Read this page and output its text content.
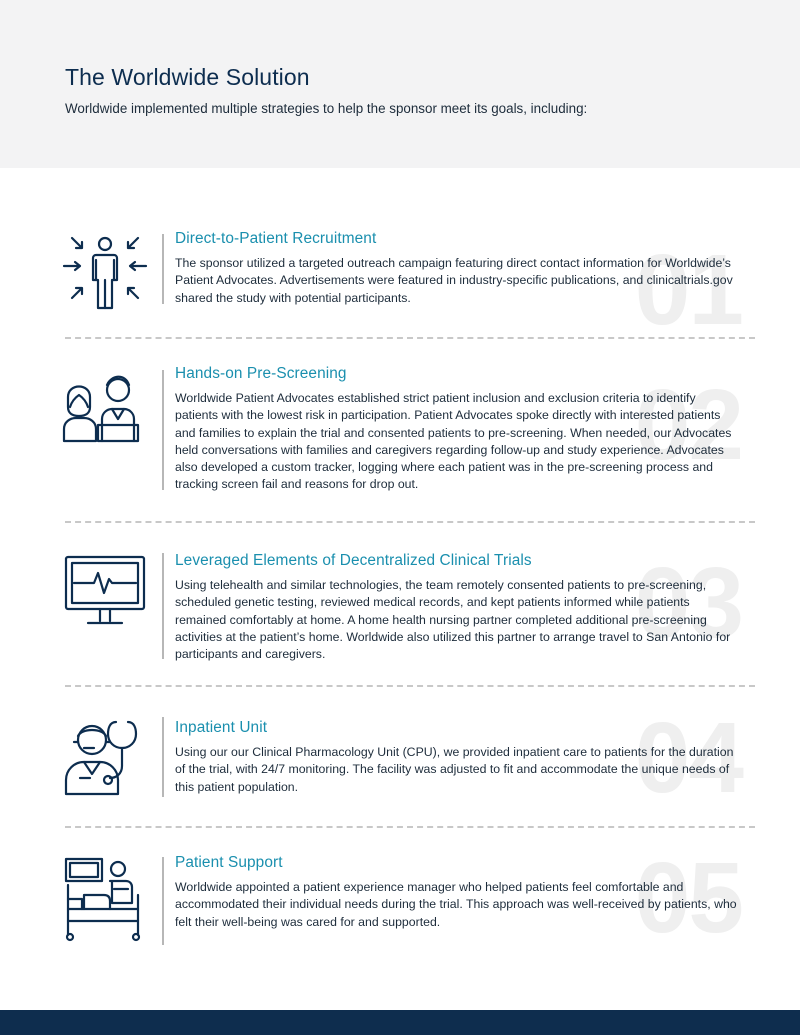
The Worldwide Solution

Worldwide implemented multiple strategies to help the sponsor meet its goals, including:

01
Direct-to-Patient Recruitment

The sponsor utilized a targeted outreach campaign featuring direct contact information for Worldwide’s Patient Advocates. Advertisements were featured in industry-specific publications, and clinicaltrials.gov shared the study with potential participants.

02
Hands-on Pre-Screening

Worldwide Patient Advocates established strict patient inclusion and exclusion criteria to identify patients with the lowest risk in participation. Patient Advocates spoke directly with interested patients and families to explain the trial and consented patients to pre-screening. When needed, our Advocates held conversations with families and caregivers regarding follow-up and study experience. Advocates also developed a custom tracker, logging where each patient was in the pre-screening process and tracking screen fail and reasons for drop out.

03
Leveraged Elements of Decentralized Clinical Trials

Using telehealth and similar technologies, the team remotely consented patients to pre-screening, scheduled genetic testing, reviewed medical records, and kept patients informed while patients remained comfortably at home. A home health nursing partner completed additional pre-screening activities at the patient’s home. Worldwide also utilized this partner to arrange travel to San Antonio for participants and caregivers.

04
Inpatient Unit

Using our our Clinical Pharmacology Unit (CPU), we provided inpatient care to patients for the duration of the trial, with 24/7 monitoring. The facility was adjusted to fit and accommodate the unique needs of this patient population.

05
Patient Support

Worldwide appointed a patient experience manager who helped patients feel comfortable and accommodated their individual needs during the trial. This approach was well-received by patients, who felt their well-being was cared for and supported.
